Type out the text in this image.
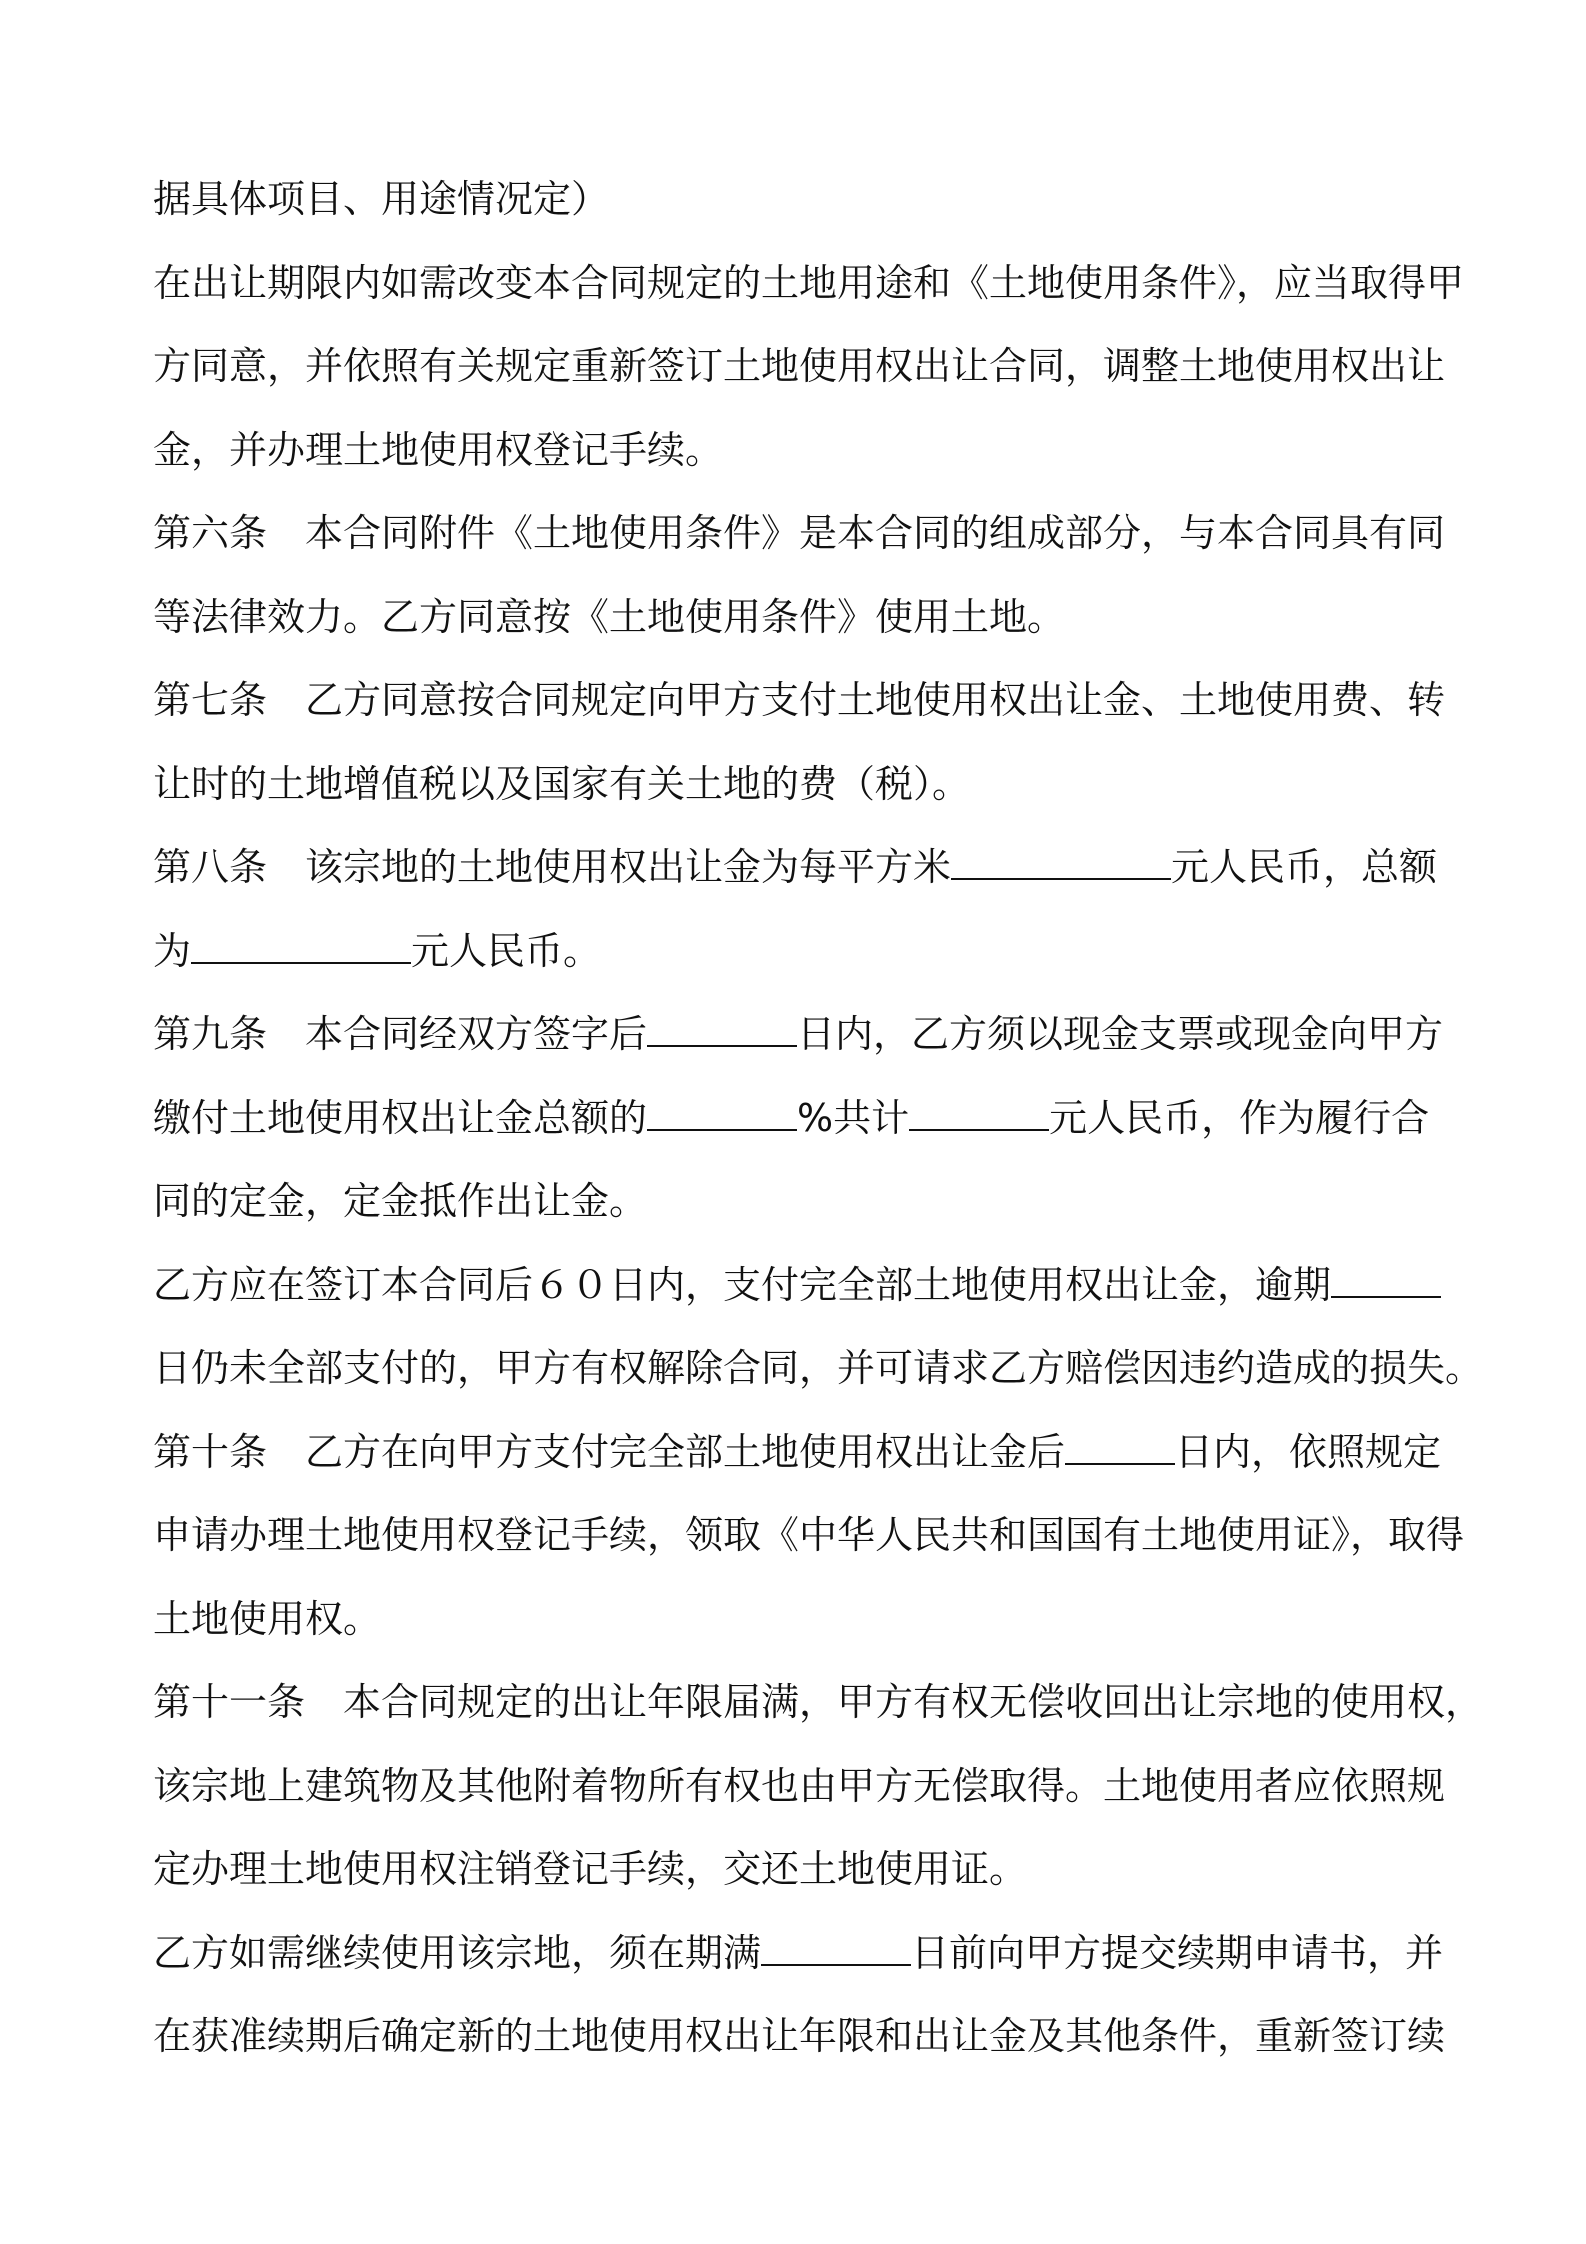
据具体项目、用途情况定）
在出让期限内如需改变本合同规定的土地用途和《土地使用条件》，应当取得甲
方同意，并依照有关规定重新签订土地使用权出让合同，调整土地使用权出让
金，并办理土地使用权登记手续。
第六条 本合同附件《土地使用条件》是本合同的组成部分，与本合同具有同
等法律效力。乙方同意按《土地使用条件》使用土地。
第七条 乙方同意按合同规定向甲方支付土地使用权出让金、土地使用费、转
让时的土地增值税以及国家有关土地的费（税）。
第八条 该宗地的土地使用权出让金为每平方米	元人民币，总额
为	元人民币。
第九条 本合同经双方签字后	日内，乙方须以现金支票或现金向甲方
缴付土地使用权出让金总额的	%共计	元人民币，作为履行合
同的定金，定金抵作出让金。
乙方应在签订本合同后６０日内，支付完全部土地使用权出让金，逾期
日仍未全部支付的，甲方有权解除合同，并可请求乙方赔偿因违约造成的损失。
第十条 乙方在向甲方支付完全部土地使用权出让金后	日内，依照规定
申请办理土地使用权登记手续，领取《中华人民共和国国有土地使用证》，取得
土地使用权。
第十一条 本合同规定的出让年限届满，甲方有权无偿收回出让宗地的使用权，
该宗地上建筑物及其他附着物所有权也由甲方无偿取得。土地使用者应依照规
定办理土地使用权注销登记手续，交还土地使用证。
乙方如需继续使用该宗地，须在期满	日前向甲方提交续期申请书，并
在获准续期后确定新的土地使用权出让年限和出让金及其他条件，重新签订续
